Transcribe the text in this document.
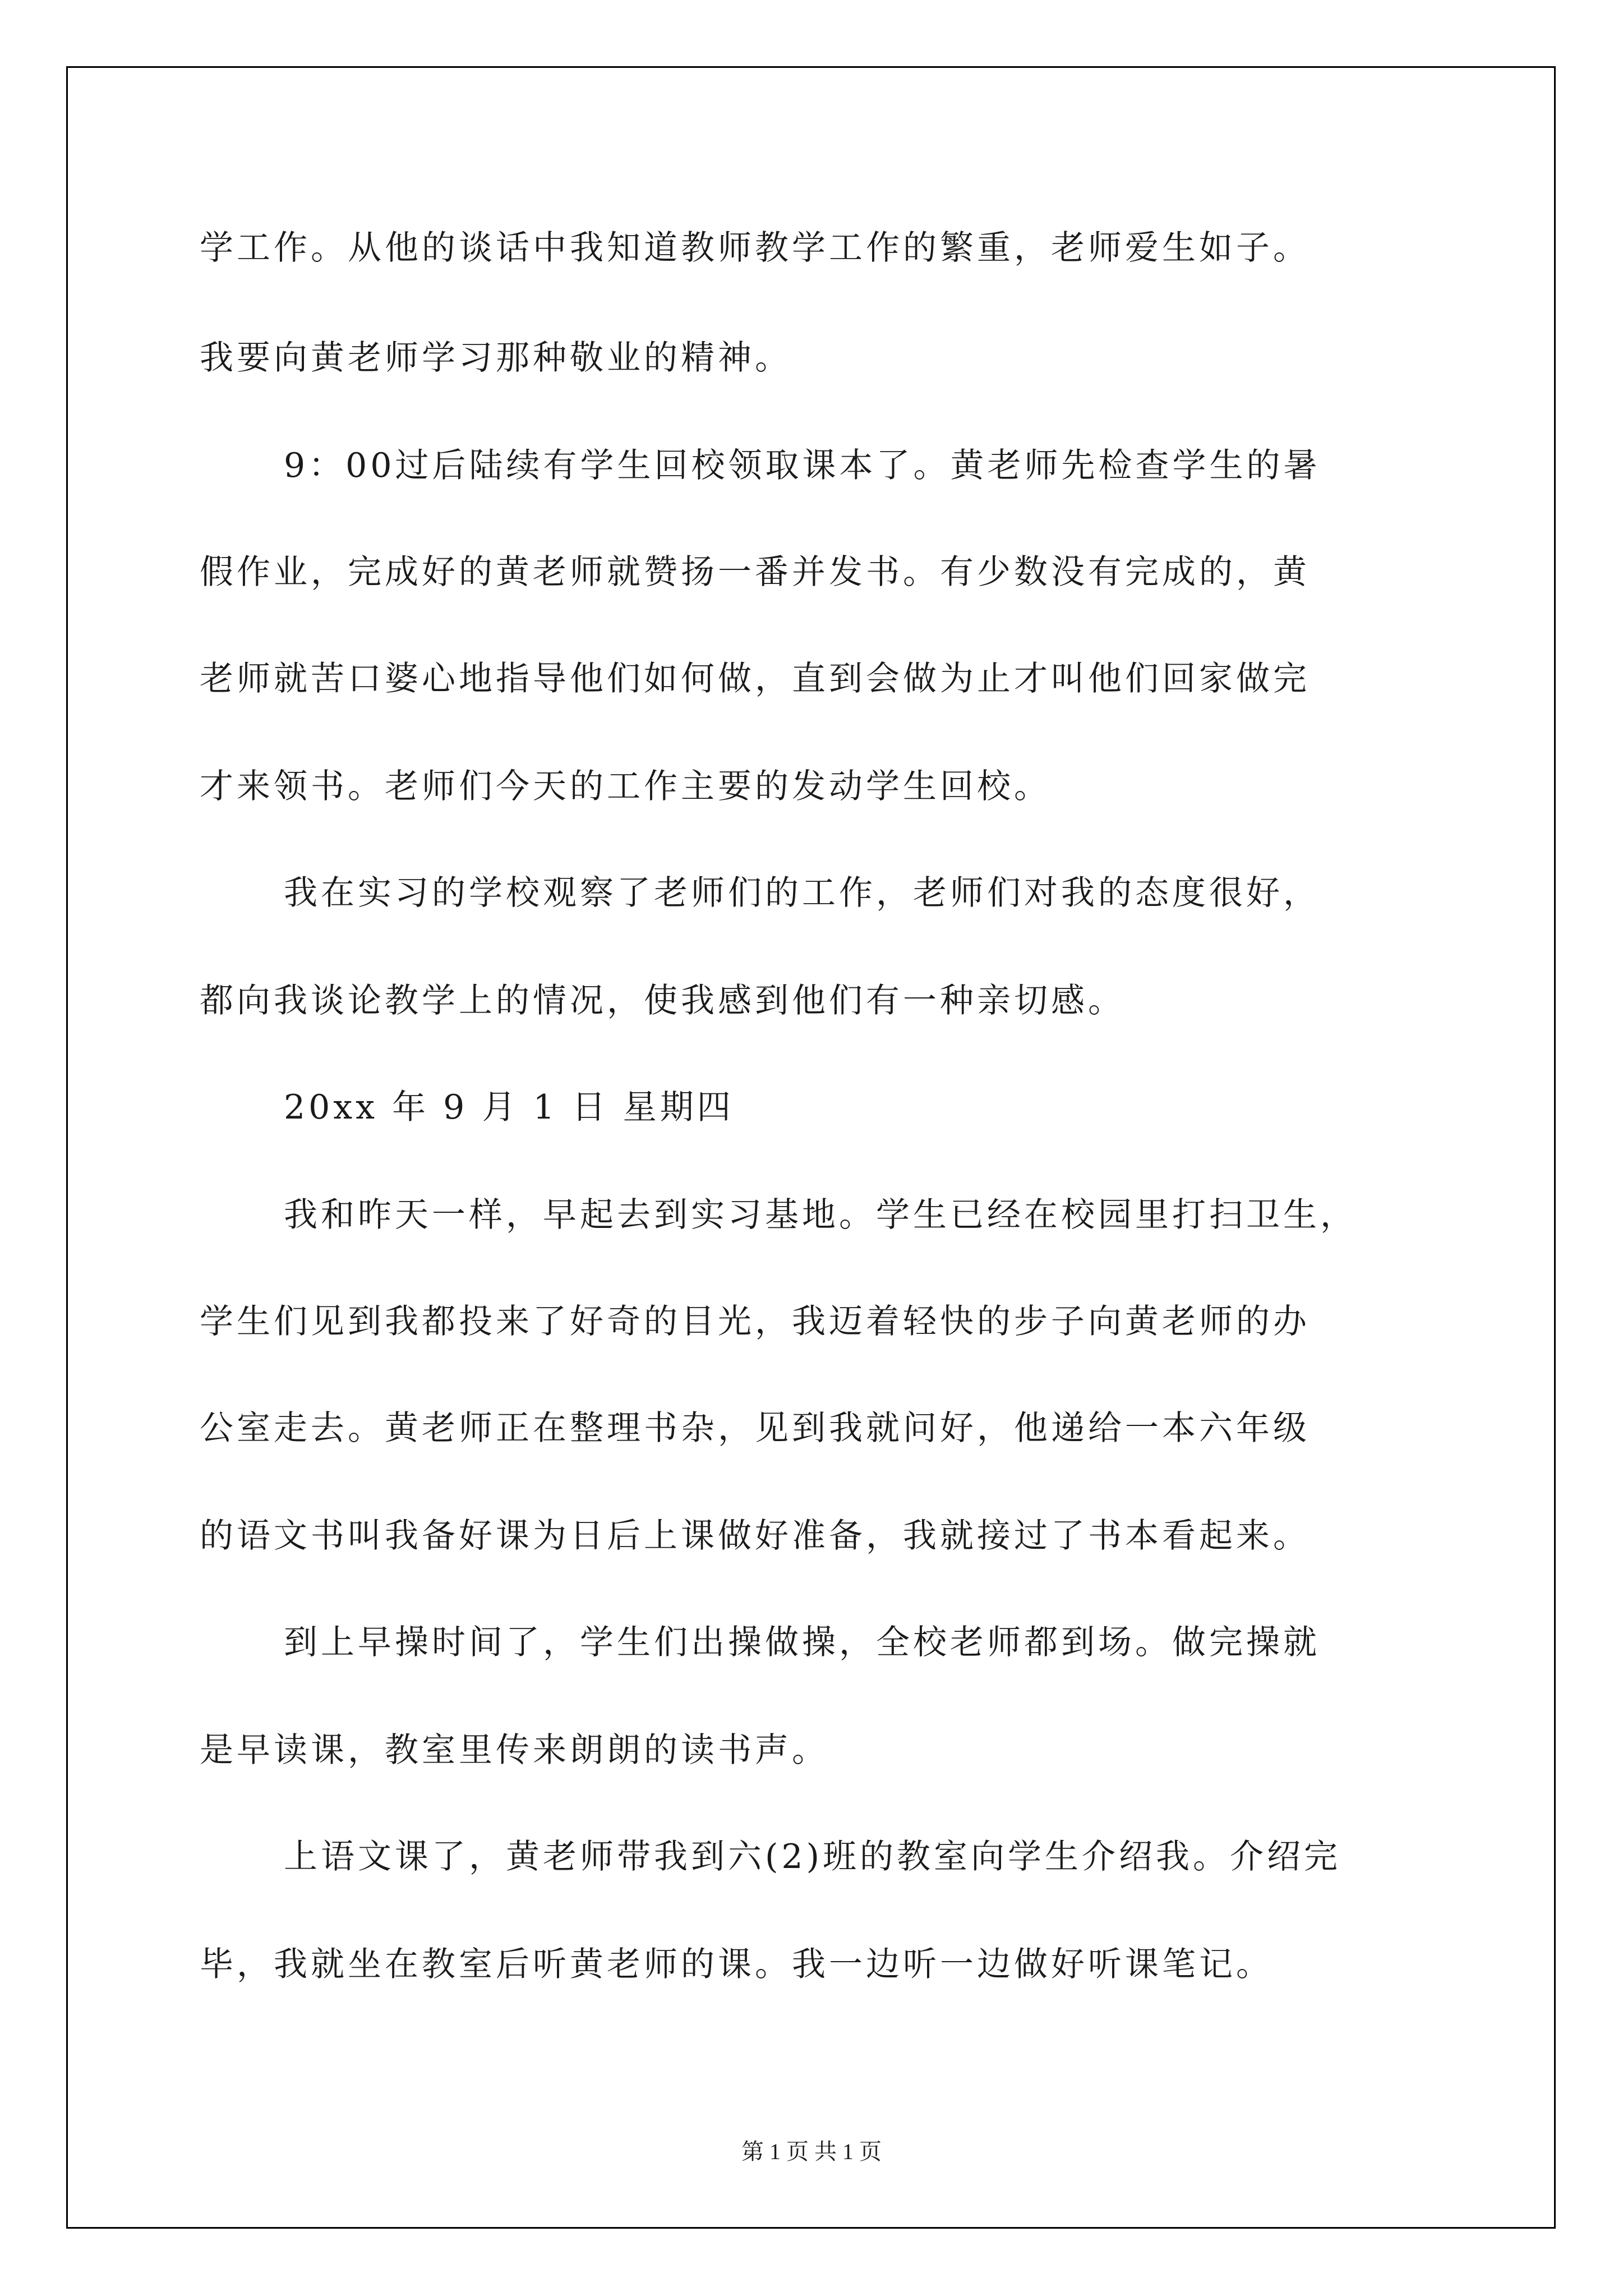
学工作。从他的谈话中我知道教师教学工作的繁重，老师爱生如子。
我要向黄老师学习那种敬业的精神。
9：00过后陆续有学生回校领取课本了。黄老师先检查学生的暑
假作业，完成好的黄老师就赞扬一番并发书。有少数没有完成的，黄
老师就苦口婆心地指导他们如何做，直到会做为止才叫他们回家做完
才来领书。老师们今天的工作主要的发动学生回校。
我在实习的学校观察了老师们的工作，老师们对我的态度很好，
都向我谈论教学上的情况，使我感到他们有一种亲切感。
20xx 年 9 月 1 日 星期四
我和昨天一样，早起去到实习基地。学生已经在校园里打扫卫生，
学生们见到我都投来了好奇的目光，我迈着轻快的步子向黄老师的办
公室走去。黄老师正在整理书杂，见到我就问好，他递给一本六年级
的语文书叫我备好课为日后上课做好准备，我就接过了书本看起来。
到上早操时间了，学生们出操做操，全校老师都到场。做完操就
是早读课，教室里传来朗朗的读书声。
上语文课了，黄老师带我到六(2)班的教室向学生介绍我。介绍完
毕，我就坐在教室后听黄老师的课。我一边听一边做好听课笔记。
第 1 页 共 1 页
